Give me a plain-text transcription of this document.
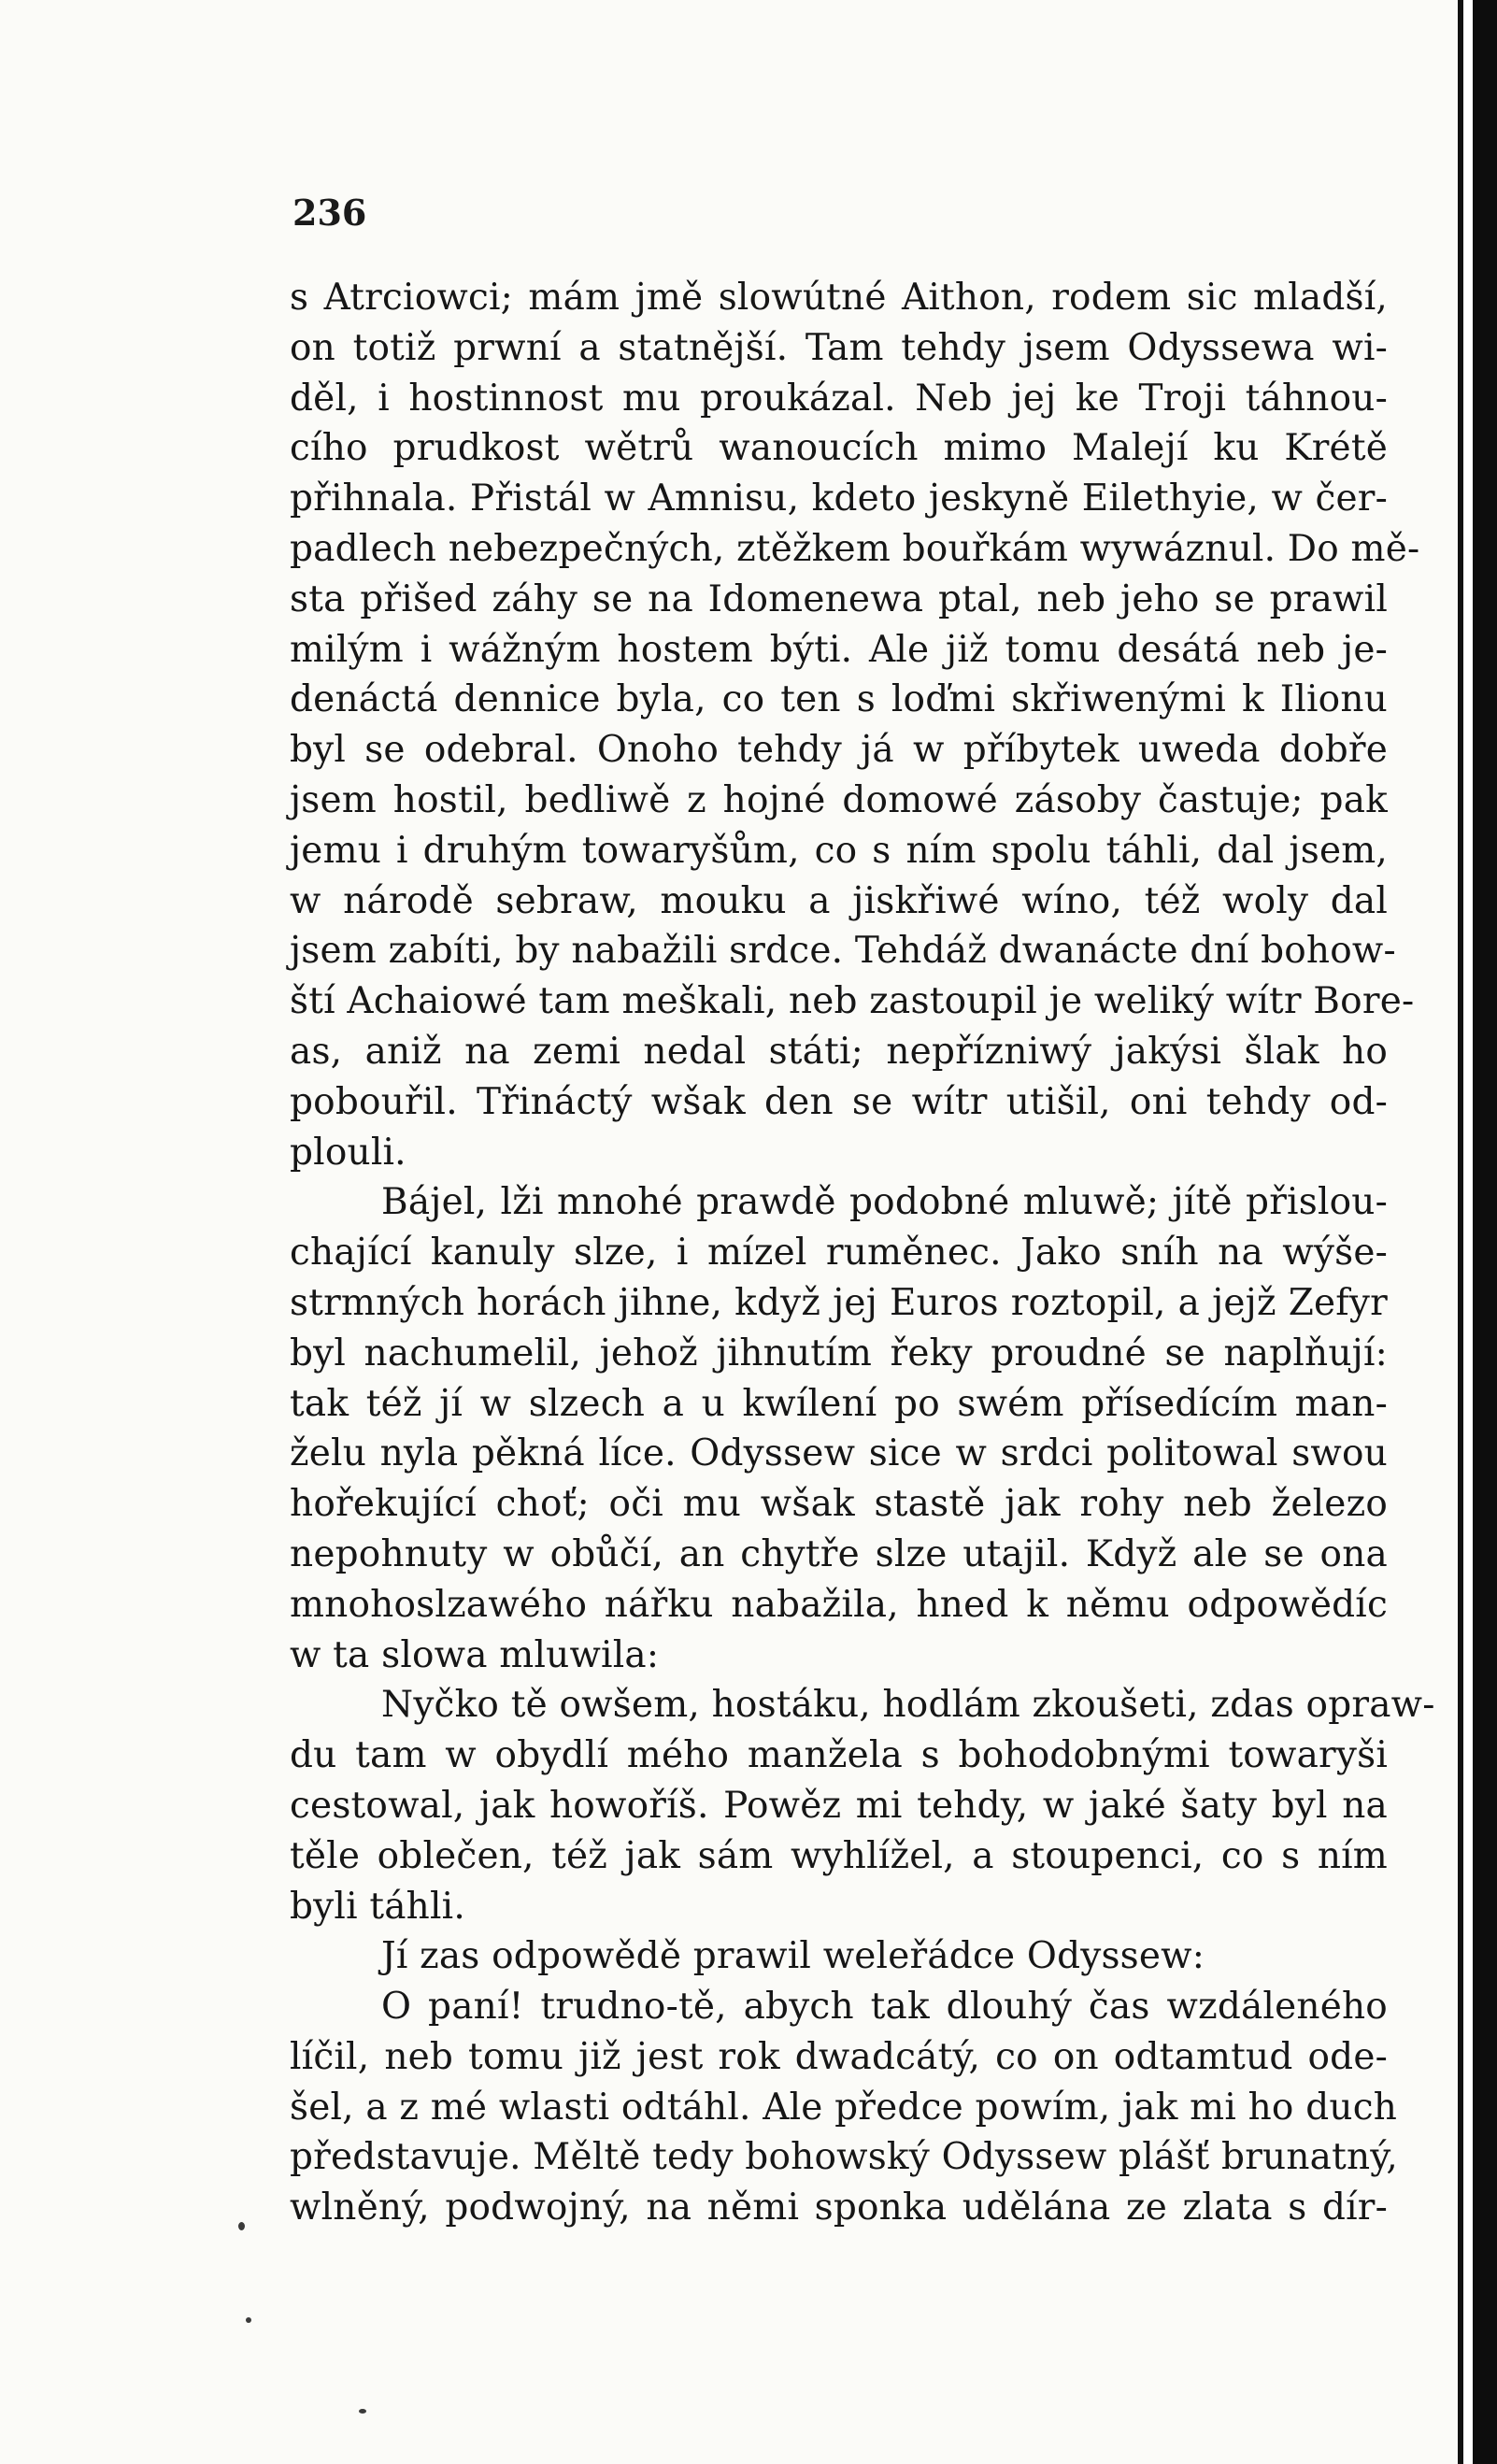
236
s Atrciowci; mám jmě slowútné Aithon, rodem sic mladší,
on totiž prwní a statnější. Tam tehdy jsem Odyssewa wi-
děl, i hostinnost mu proukázal. Neb jej ke Troji táhnou-
cího prudkost wětrů wanoucích mimo Malejí ku Krétě
přihnala. Přistál w Amnisu, kdeto jeskyně Eilethyie, w čer-
padlech nebezpečných, ztěžkem bouřkám wywáznul. Do mě-
sta přišed záhy se na Idomenewa ptal, neb jeho se prawil
milým i wážným hostem býti. Ale již tomu desátá neb je-
denáctá dennice byla, co ten s loďmi skřiwenými k Ilionu
byl se odebral. Onoho tehdy já w příbytek uweda dobře
jsem hostil, bedliwě z hojné domowé zásoby častuje; pak
jemu i druhým towaryšům, co s ním spolu táhli, dal jsem,
w národě sebraw, mouku a jiskřiwé wíno, též woly dal
jsem zabíti, by nabažili srdce. Tehdáž dwanácte dní bohow-
ští Achaiowé tam meškali, neb zastoupil je weliký wítr Bore-
as, aniž na zemi nedal státi; nepřízniwý jakýsi šlak ho
pobouřil. Třináctý wšak den se wítr utišil, oni tehdy od-
plouli.
Bájel, lži mnohé prawdě podobné mluwě; jítě přislou-
chající kanuly slze, i mízel ruměnec. Jako sníh na wýše-
strmných horách jihne, když jej Euros roztopil, a jejž Zefyr
byl nachumelil, jehož jihnutím řeky proudné se naplňují:
tak též jí w slzech a u kwílení po swém přísedícím man-
želu nyla pěkná líce. Odyssew sice w srdci politowal swou
hořekující choť; oči mu wšak stastě jak rohy neb železo
nepohnuty w obůčí, an chytře slze utajil. Když ale se ona
mnohoslzawého nářku nabažila, hned k němu odpowědíc
w ta slowa mluwila:
Nyčko tě owšem, hostáku, hodlám zkoušeti, zdas opraw-
du tam w obydlí mého manžela s bohodobnými towaryši
cestowal, jak howoříš. Powěz mi tehdy, w jaké šaty byl na
těle oblečen, též jak sám wyhlížel, a stoupenci, co s ním
byli táhli.
Jí zas odpowědě prawil weleřádce Odyssew:
O paní! trudno-tě, abych tak dlouhý čas wzdáleného
líčil, neb tomu již jest rok dwadcátý, co on odtamtud ode-
šel, a z mé wlasti odtáhl. Ale předce powím, jak mi ho duch
představuje. Měltě tedy bohowský Odyssew plášť brunatný,
wlněný, podwojný, na němi sponka udělána ze zlata s dír-
